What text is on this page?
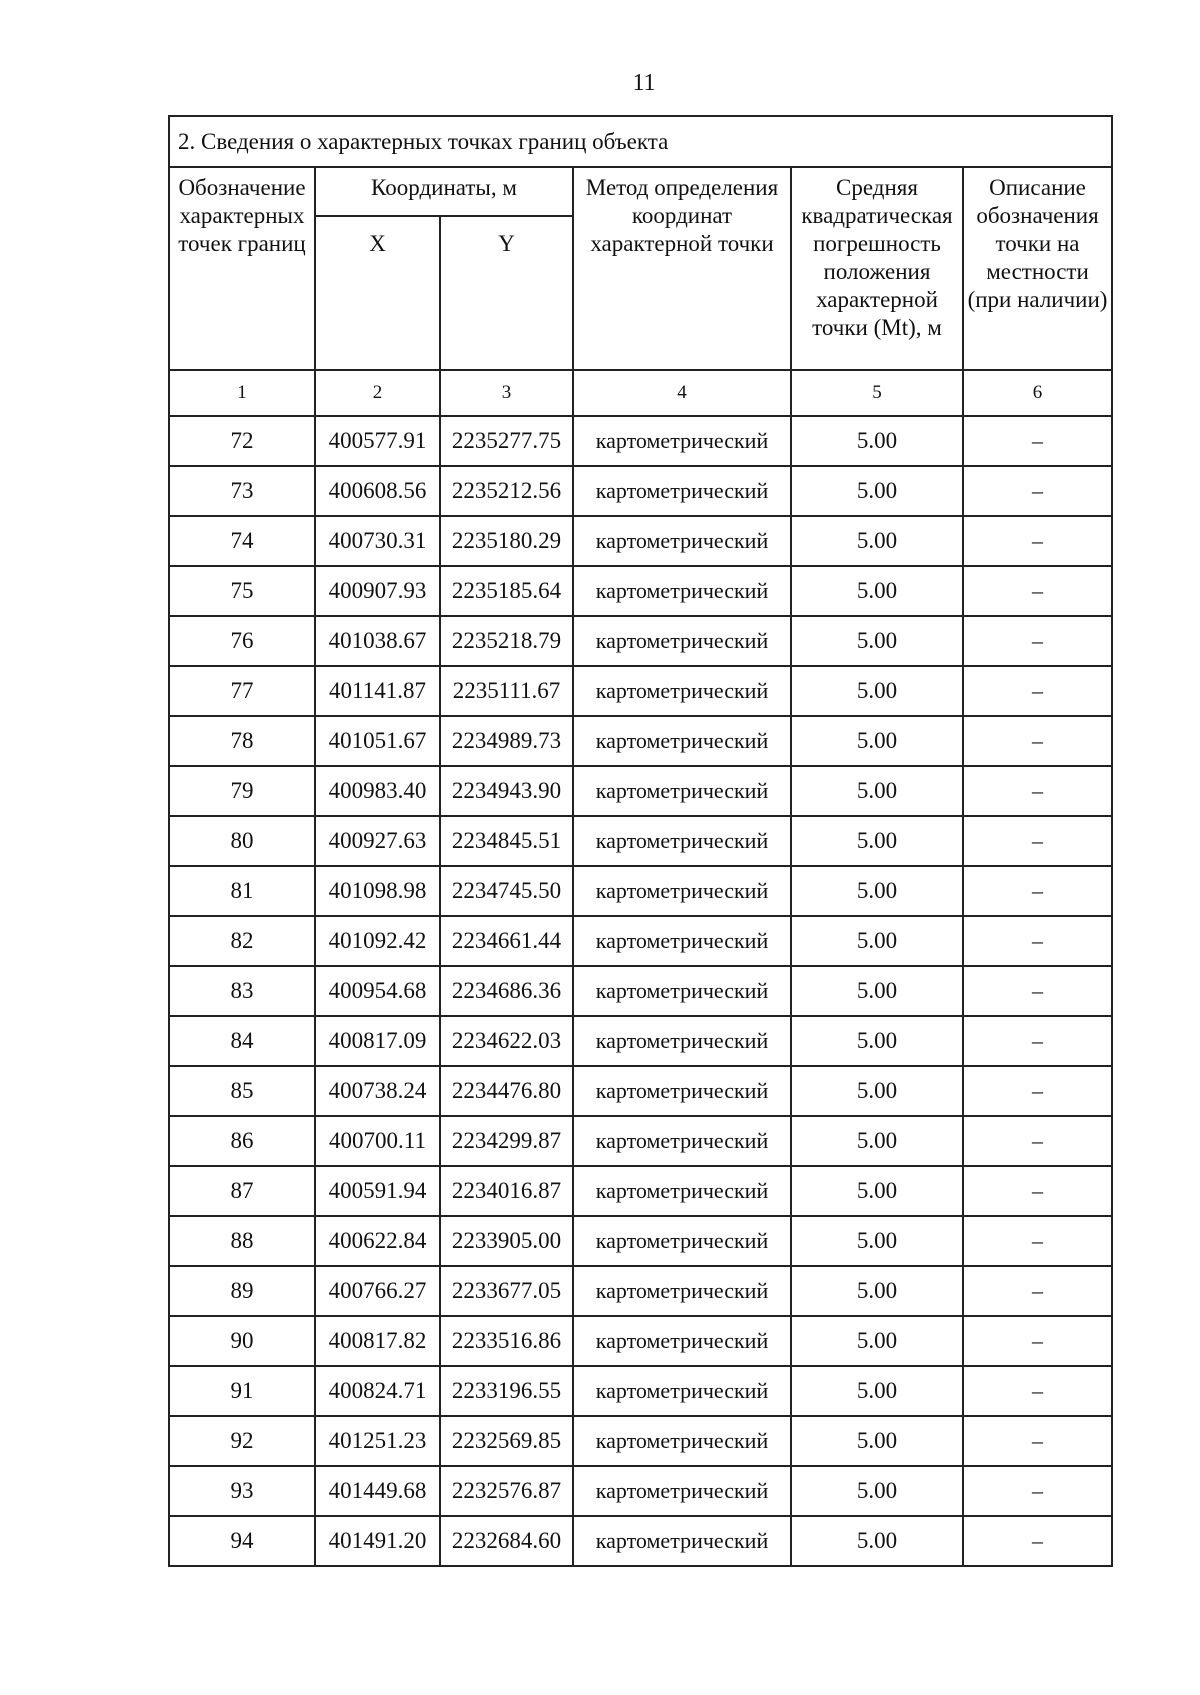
11
2. Сведения о характерных точках границ объекта					
Обозначение характерных точек границ	Координаты, м		Метод определения координат характерной точки	Средняя квадратическая погрешность положения характерной точки (Mt), м	Описание обозначения точки на местности (при наличии)
	X	Y			
1	2	3	4	5	6
72	400577.91	2235277.75	картометрический	5.00	–
73	400608.56	2235212.56	картометрический	5.00	–
74	400730.31	2235180.29	картометрический	5.00	–
75	400907.93	2235185.64	картометрический	5.00	–
76	401038.67	2235218.79	картометрический	5.00	–
77	401141.87	2235111.67	картометрический	5.00	–
78	401051.67	2234989.73	картометрический	5.00	–
79	400983.40	2234943.90	картометрический	5.00	–
80	400927.63	2234845.51	картометрический	5.00	–
81	401098.98	2234745.50	картометрический	5.00	–
82	401092.42	2234661.44	картометрический	5.00	–
83	400954.68	2234686.36	картометрический	5.00	–
84	400817.09	2234622.03	картометрический	5.00	–
85	400738.24	2234476.80	картометрический	5.00	–
86	400700.11	2234299.87	картометрический	5.00	–
87	400591.94	2234016.87	картометрический	5.00	–
88	400622.84	2233905.00	картометрический	5.00	–
89	400766.27	2233677.05	картометрический	5.00	–
90	400817.82	2233516.86	картометрический	5.00	–
91	400824.71	2233196.55	картометрический	5.00	–
92	401251.23	2232569.85	картометрический	5.00	–
93	401449.68	2232576.87	картометрический	5.00	–
94	401491.20	2232684.60	картометрический	5.00	–
